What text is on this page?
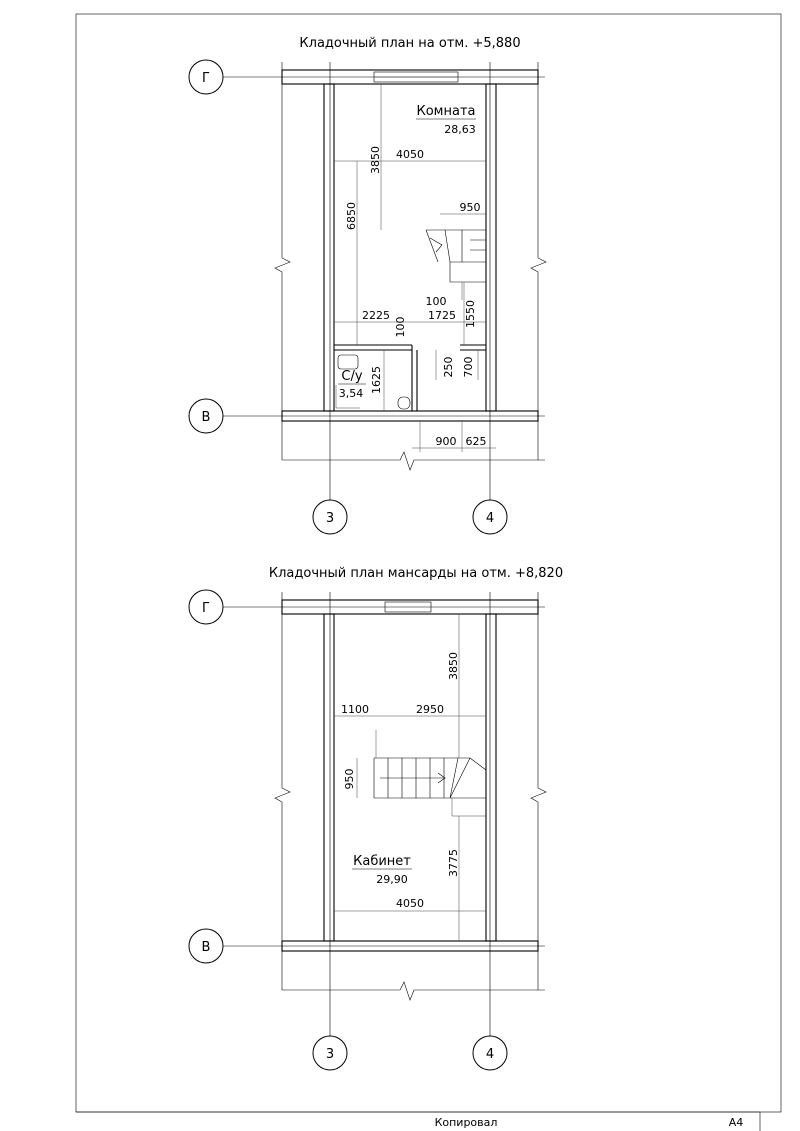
Кладочный план на отм. +5,880
Г
В
3	4
Комната
28,63
С/у
3,54
4050
3850
6850	950
100
2225	1725
100	1550
1625	250 700
900 625
Кладочный план мансарды на отм. +8,820
Г
В
3	4
Кабинет
29,90
3850
1100	2950
950
3775
4050
Копировал	А4
